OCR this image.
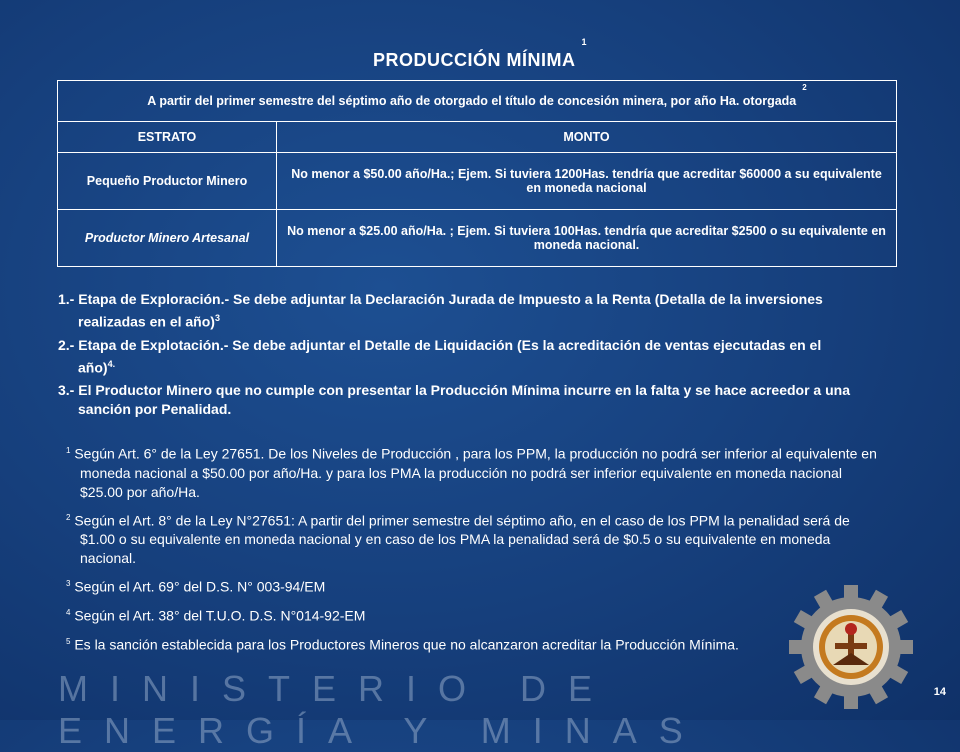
PRODUCCIÓN MÍNIMA$^1$
A partir del primer semestre del séptimo año de otorgado el título de concesión minera, por año Ha. otorgada$^2$
ESTRATO	MONTO
Pequeño Productor Minero	No menor a $50.00 año/Ha.; Ejem. Si tuviera 1200Has. tendría que acreditar $60000 a su equivalente en moneda nacional
Productor Minero Artesanal	No menor a $25.00 año/Ha. ; Ejem. Si tuviera 100Has. tendría que acreditar $2500 o su equivalente en moneda nacional.
1.- Etapa de Exploración.- Se debe adjuntar la Declaración Jurada de Impuesto a la Renta (Detalla de la inversiones realizadas en el año)$^3$
2.- Etapa de Explotación.- Se debe adjuntar el Detalle de Liquidación (Es la acreditación de ventas ejecutadas en el año)$^{4.}$
3.- El Productor Minero que no cumple con presentar la Producción Mínima incurre en la falta y se hace acreedor a una sanción por Penalidad.
$^1$ Según Art. 6° de la Ley 27651. De los Niveles de Producción , para los PPM, la producción no podrá ser inferior al equivalente en moneda nacional a $50.00 por año/Ha. y para los PMA la producción no podrá ser inferior equivalente en moneda nacional $25.00 por año/Ha.
$^2$ Según el Art. 8° de la Ley N°27651: A partir del primer semestre del séptimo año, en el caso de los PPM la penalidad será de $1.00 o su equivalente en moneda nacional y en caso de los PMA la penalidad será de $0.5 o su equivalente en moneda nacional.
$^3$ Según el Art. 69° del D.S. N° 003-94/EM
$^4$ Según el Art. 38° del T.U.O. D.S. N°014-92-EM
$^5$ Es la sanción establecida para los Productores Mineros que no alcanzaron acreditar la Producción Mínima.
MINISTERIO DE ENERGÍA Y MINAS
14
